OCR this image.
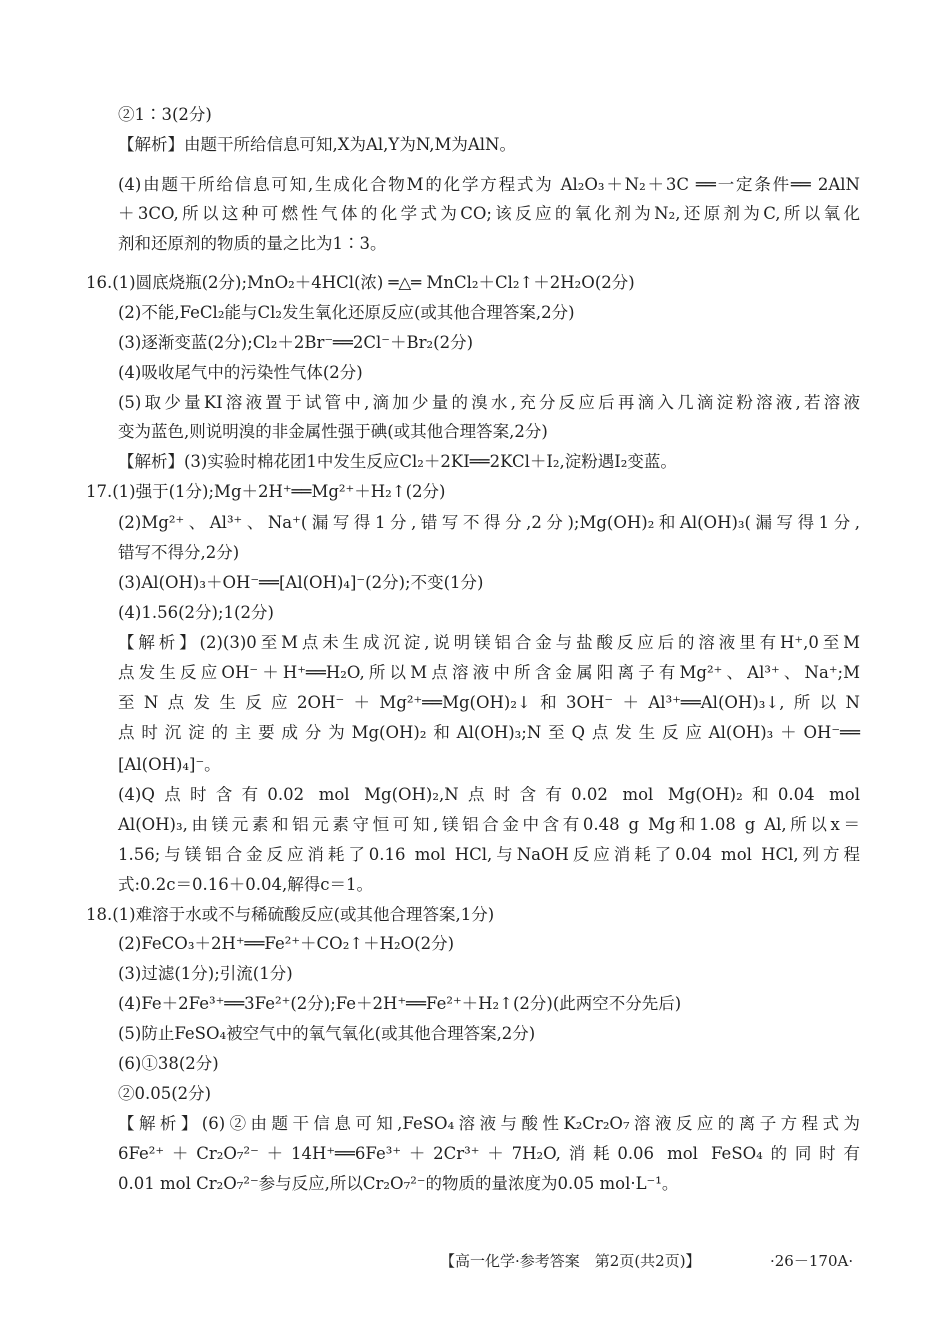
②1∶3(2分)
【解析】由题干所给信息可知,X为Al,Y为N,M为AlN。
(4)由题干所给信息可知,生成化合物M的化学方程式为 Al₂O₃＋N₂＋3C ══一定条件══ 2AlN
＋3CO,所以这种可燃性气体的化学式为CO;该反应的氧化剂为N₂,还原剂为C,所以氧化
剂和还原剂的物质的量之比为1∶3。
16.(1)圆底烧瓶(2分);MnO₂＋4HCl(浓) ═△═ MnCl₂＋Cl₂↑＋2H₂O(2分)
(2)不能,FeCl₂能与Cl₂发生氧化还原反应(或其他合理答案,2分)
(3)逐渐变蓝(2分);Cl₂＋2Br⁻══2Cl⁻＋Br₂(2分)
(4)吸收尾气中的污染性气体(2分)
(5)取少量KI溶液置于试管中,滴加少量的溴水,充分反应后再滴入几滴淀粉溶液,若溶液
变为蓝色,则说明溴的非金属性强于碘(或其他合理答案,2分)
【解析】(3)实验时棉花团1中发生反应Cl₂＋2KI══2KCl＋I₂,淀粉遇I₂变蓝。
17.(1)强于(1分);Mg＋2H⁺══Mg²⁺＋H₂↑(2分)
(2)Mg²⁺、Al³⁺、Na⁺(漏写得1分,错写不得分,2分);Mg(OH)₂和Al(OH)₃(漏写得1分,
错写不得分,2分)
(3)Al(OH)₃＋OH⁻══[Al(OH)₄]⁻(2分);不变(1分)
(4)1.56(2分);1(2分)
【解析】(2)(3)0至M点未生成沉淀,说明镁铝合金与盐酸反应后的溶液里有H⁺,0至M
点发生反应OH⁻＋H⁺══H₂O,所以M点溶液中所含金属阳离子有Mg²⁺、Al³⁺、Na⁺;M
至N点发生反应2OH⁻＋Mg²⁺══Mg(OH)₂↓和3OH⁻＋Al³⁺══Al(OH)₃↓,所以N
点时沉淀的主要成分为Mg(OH)₂和Al(OH)₃;N至Q点发生反应Al(OH)₃＋OH⁻══
[Al(OH)₄]⁻。
(4)Q点时含有0.02 mol Mg(OH)₂,N点时含有0.02 mol Mg(OH)₂和0.04 mol
Al(OH)₃,由镁元素和铝元素守恒可知,镁铝合金中含有0.48 g Mg和1.08 g Al,所以x＝
1.56;与镁铝合金反应消耗了0.16 mol HCl,与NaOH反应消耗了0.04 mol HCl,列方程
式:0.2c＝0.16＋0.04,解得c＝1。
18.(1)难溶于水或不与稀硫酸反应(或其他合理答案,1分)
(2)FeCO₃＋2H⁺══Fe²⁺＋CO₂↑＋H₂O(2分)
(3)过滤(1分);引流(1分)
(4)Fe＋2Fe³⁺══3Fe²⁺(2分);Fe＋2H⁺══Fe²⁺＋H₂↑(2分)(此两空不分先后)
(5)防止FeSO₄被空气中的氧气氧化(或其他合理答案,2分)
(6)①38(2分)
②0.05(2分)
【解析】(6)②由题干信息可知,FeSO₄溶液与酸性K₂Cr₂O₇溶液反应的离子方程式为
6Fe²⁺＋Cr₂O₇²⁻＋14H⁺══6Fe³⁺＋2Cr³⁺＋7H₂O,消耗0.06 mol FeSO₄的同时有
0.01 mol Cr₂O₇²⁻参与反应,所以Cr₂O₇²⁻的物质的量浓度为0.05 mol·L⁻¹。
【高一化学·参考答案　第2页(共2页)】	·26－170A·
